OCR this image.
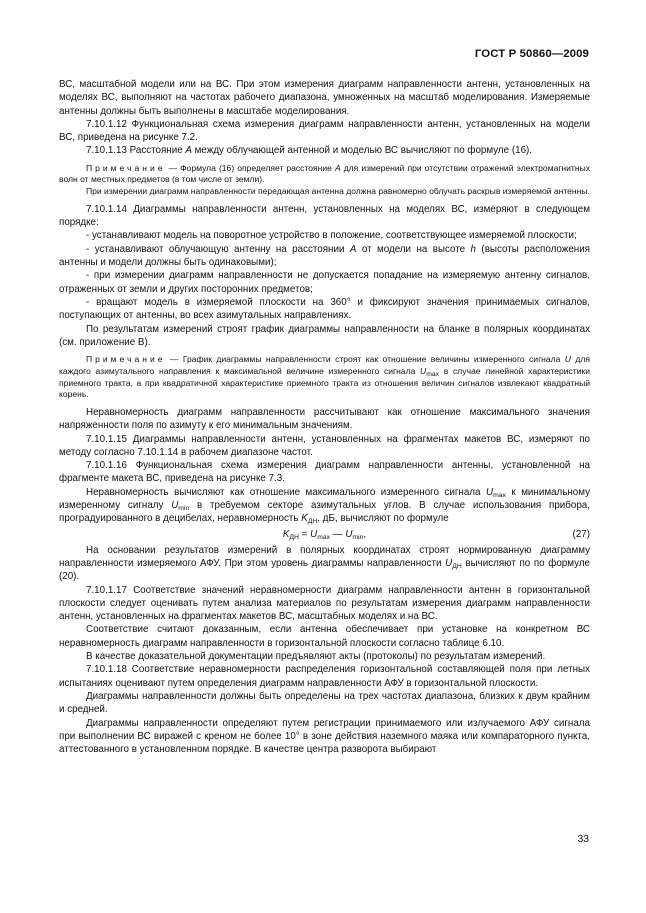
ГОСТ Р 50860—2009

ВС, масштабной модели или на ВС. При этом измерения диаграмм направленности антенн, установленных на моделях ВС, выполняют на частотах рабочего диапазона, умноженных на масштаб моделирования. Измеряемые антенны должны быть выполнены в масштабе моделирования.

7.10.1.12 Функциональная схема измерения диаграмм направленности антенн, установленных на модели ВС, приведена на рисунке 7.2.

7.10.1.13 Расстояние А между облучающей антенной и моделью ВС вычисляют по формуле (16).

Примечание — Формула (16) определяет расстояние А для измерений при отсутствии отражений электромагнитных волн от местных предметов (в том числе от земли).

При измерении диаграмм направленности передающая антенна должна равномерно облучать раскрыв измеряемой антенны.

7.10.1.14 Диаграммы направленности антенн, установленных на моделях ВС, измеряют в следующем порядке:

- устанавливают модель на поворотное устройство в положение, соответствующее измеряемой плоскости;

- устанавливают облучающую антенну на расстоянии А от модели на высоте h (высоты расположения антенны и модели должны быть одинаковыми);

- при измерении диаграмм направленности не допускается попадание на измеряемую антенну сигналов, отраженных от земли и других посторонних предметов;

- вращают модель в измеряемой плоскости на 360° и фиксируют значения принимаемых сигналов, поступающих от антенны, во всех азимутальных направлениях.

По результатам измерений строят график диаграммы направленности на бланке в полярных координатах (см. приложение В).

Примечание — График диаграммы направленности строят как отношение величины измеренного сигнала U для каждого азимутального направления к максимальной величине измеренного сигнала $U_{max}$ в случае линейной характеристики приемного тракта, а при квадратичной характеристике приемного тракта из отношения величин сигналов извлекают квадратный корень.

Неравномерность диаграмм направленности рассчитывают как отношение максимального значения напряженности поля по азимуту к его минимальным значениям.

7.10.1.15 Диаграммы направленности антенн, установленных на фрагментах макетов ВС, измеряют по методу согласно 7.10.1.14 в рабочем диапазоне частот.

7.10.1.16 Функциональная схема измерения диаграмм направленности антенны, установленной на фрагменте макета ВС, приведена на рисунке 7.3.

Неравномерность вычисляют как отношение максимального измеренного сигнала $U_{max}$ к минимальному измеренному сигналу $U_{min}$ в требуемом секторе азимутальных углов. В случае использования прибора, проградуированного в децибелах, неравномерность $K_{ДН}$, дБ, вычисляют по формуле

$K_{ДН} = U_{max}$ — $U_{min}$,	(27)

На основании результатов измерений в полярных координатах строят нормированную диаграмму направленности измеряемого АФУ. При этом уровень диаграммы направленности $U_{ДН}$ вычисляют по по формуле (20).

7.10.1.17 Соответствие значений неравномерности диаграмм направленности антенн в горизонтальной плоскости следует оценивать путем анализа материалов по результатам измерения диаграмм направленности антенн, установленных на фрагментах макетов ВС, масштабных моделях и на ВС.

Соответствие считают доказанным, если антенна обеспечивает при установке на конкретном ВС неравномерность диаграмм направленности в горизонтальной плоскости согласно таблице 6.10.

В качестве доказательной документации предъявляют акты (протоколы) по результатам измерений.

7.10.1.18 Соответствие неравномерности распределения горизонтальной составляющей поля при летных испытаниях оценивают путем определения диаграмм направленности АФУ в горизонтальной плоскости.

Диаграммы направленности должны быть определены на трех частотах диапазона, близких к двум крайним и средней.

Диаграммы направленности определяют путем регистрации принимаемого или излучаемого АФУ сигнала при выполнении ВС виражей с креном не более 10° в зоне действия наземного маяка или компараторного пункта, аттестованного в установленном порядке. В качестве центра разворота выбирают

33
